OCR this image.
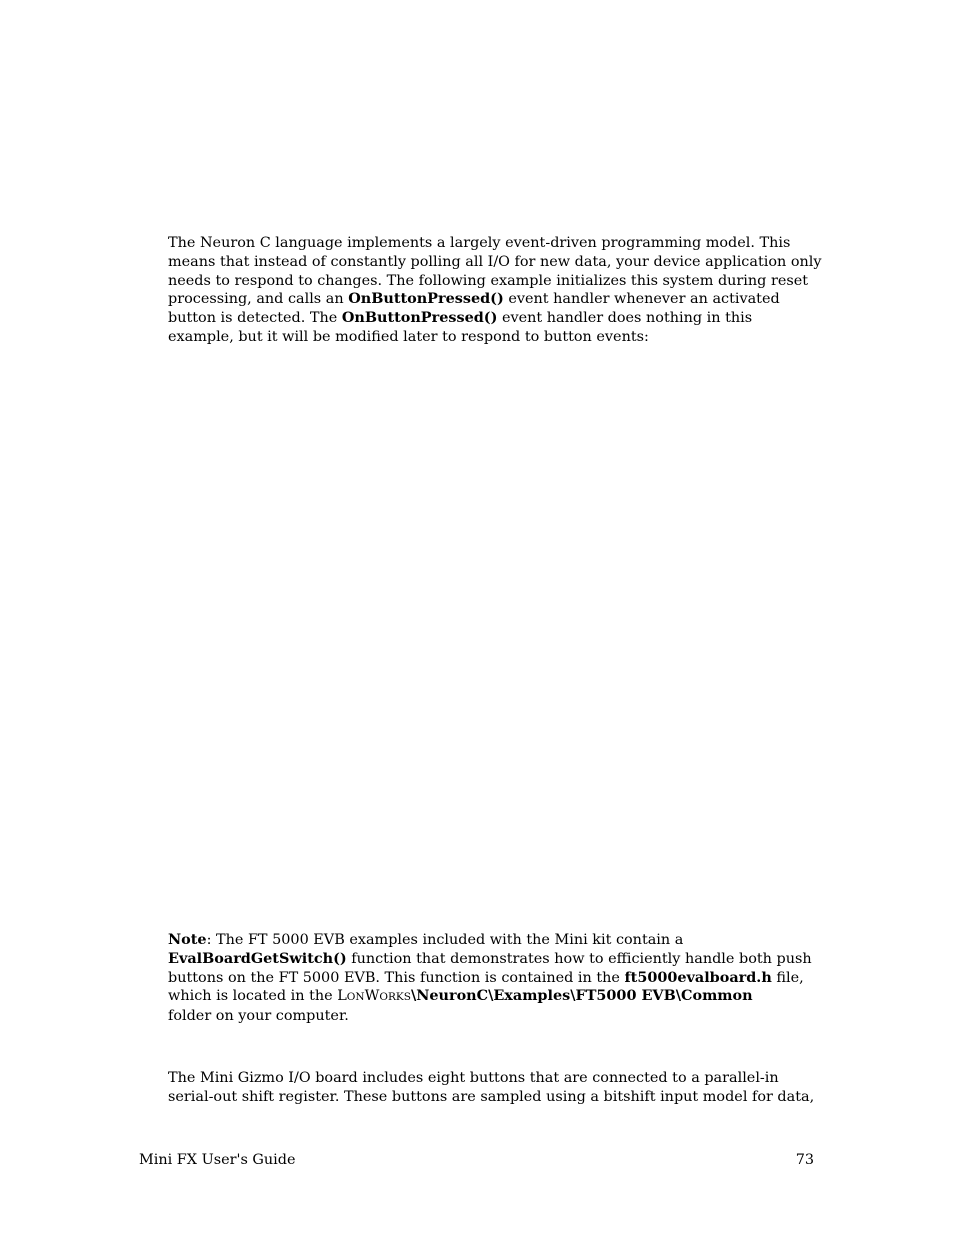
The Neuron C language implements a largely event-driven programming model. This
means that instead of constantly polling all I/O for new data, your device application only
needs to respond to changes. The following example initializes this system during reset
processing, and calls an OnButtonPressed() event handler whenever an activated
button is detected. The OnButtonPressed() event handler does nothing in this
example, but it will be modified later to respond to button events:
Note: The FT 5000 EVB examples included with the Mini kit contain a
EvalBoardGetSwitch() function that demonstrates how to efficiently handle both push
buttons on the FT 5000 EVB. This function is contained in the ft5000evalboard.h file,
which is located in the LONWORKS\NeuronC\Examples\FT5000 EVB\Common
folder on your computer.
The Mini Gizmo I/O board includes eight buttons that are connected to a parallel-in
serial-out shift register. These buttons are sampled using a bitshift input model for data,
Mini FX User's Guide	73
